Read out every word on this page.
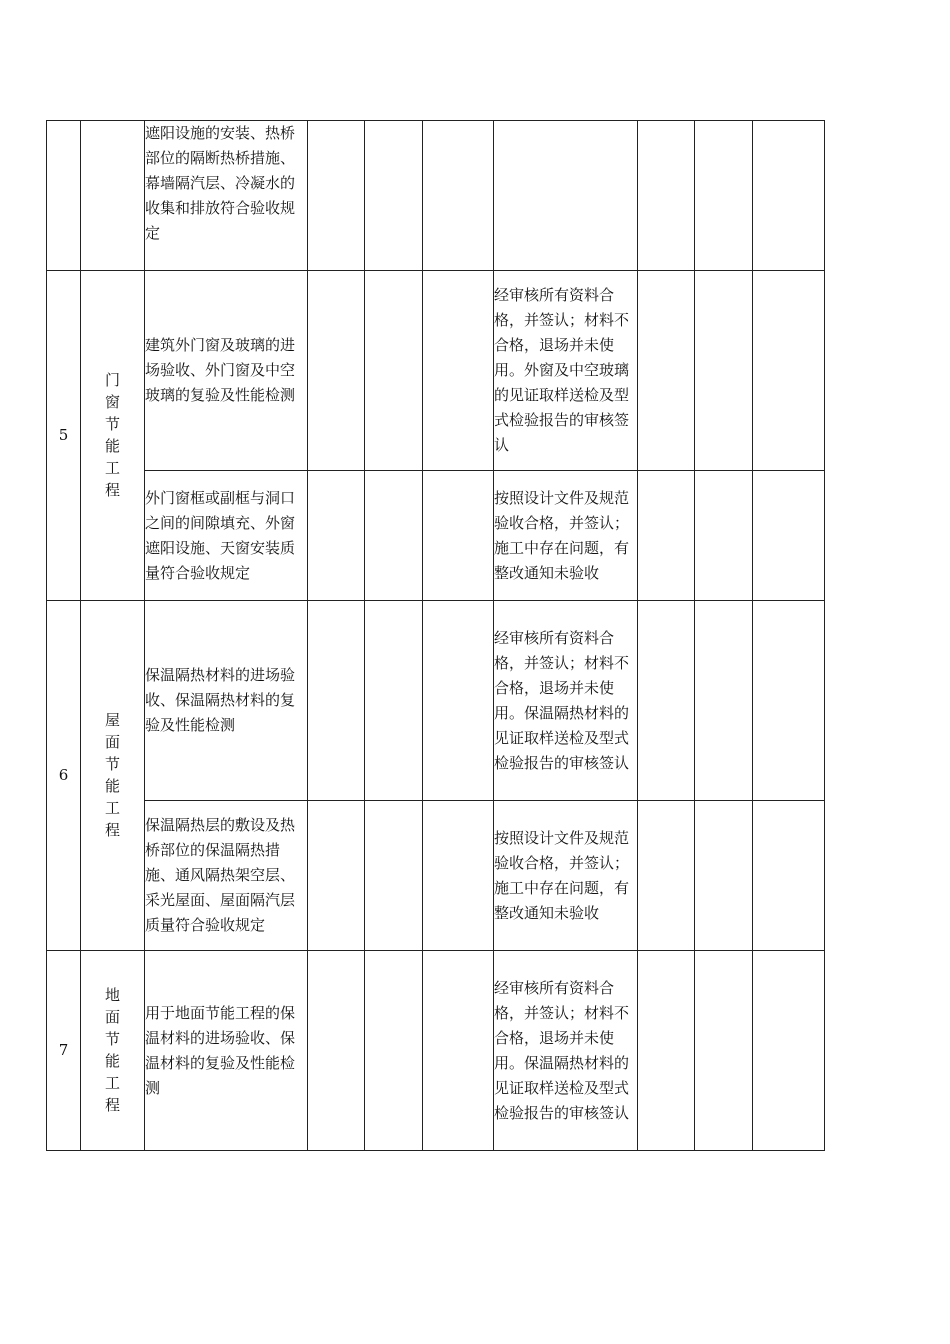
		遮阳设施的安装、热桥部位的隔断热桥措施、幕墙隔汽层、冷凝水的收集和排放符合验收规定							

5	门窗节能工程	建筑外门窗及玻璃的进场验收、外门窗及中空玻璃的复验及性能检测				经审核所有资料合格，并签认；材料不合格，退场并未使用。外窗及中空玻璃的见证取样送检及型式检验报告的审核签认			

		外门窗框或副框与洞口之间的间隙填充、外窗遮阳设施、天窗安装质量符合验收规定				按照设计文件及规范验收合格，并签认；施工中存在问题，有整改通知未验收			

6	屋面节能工程	保温隔热材料的进场验收、保温隔热材料的复验及性能检测				经审核所有资料合格，并签认；材料不合格，退场并未使用。保温隔热材料的见证取样送检及型式检验报告的审核签认			

		保温隔热层的敷设及热桥部位的保温隔热措施、通风隔热架空层、采光屋面、屋面隔汽层质量符合验收规定				按照设计文件及规范验收合格，并签认；施工中存在问题，有整改通知未验收			

7	地面节能工程	用于地面节能工程的保温材料的进场验收、保温材料的复验及性能检测				经审核所有资料合格，并签认；材料不合格，退场并未使用。保温隔热材料的见证取样送检及型式检验报告的审核签认			
